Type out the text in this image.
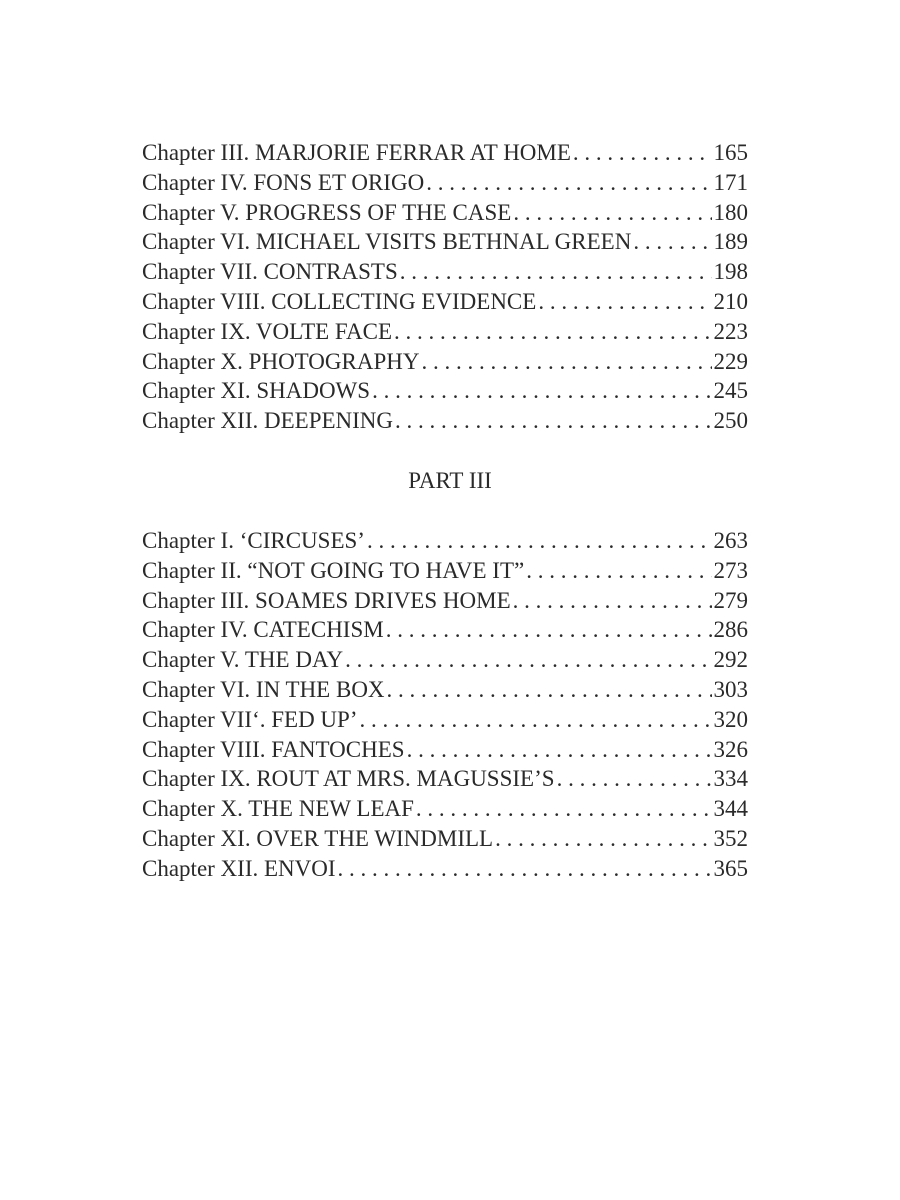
Chapter III. MARJORIE FERRAR AT HOME . . .	165
Chapter IV. FONS ET ORIGO . . .	171
Chapter V. PROGRESS OF THE CASE . . .	180
Chapter VI. MICHAEL VISITS BETHNAL GREEN . . .	189
Chapter VII. CONTRASTS . . .	198
Chapter VIII. COLLECTING EVIDENCE . . .	210
Chapter IX. VOLTE FACE . . .	223
Chapter X. PHOTOGRAPHY . . .	229
Chapter XI. SHADOWS . . .	245
Chapter XII. DEEPENING . . .	250
PART III
Chapter I. ‘CIRCUSES’ . . .	263
Chapter II. “NOT GOING TO HAVE IT” . . .	273
Chapter III. SOAMES DRIVES HOME . . .	279
Chapter IV. CATECHISM . . .	286
Chapter V. THE DAY . . .	292
Chapter VI. IN THE BOX . . .	303
Chapter VII‘. FED UP’ . . .	320
Chapter VIII. FANTOCHES . . .	326
Chapter IX. ROUT AT MRS. MAGUSSIE’S . . .	334
Chapter X. THE NEW LEAF . . .	344
Chapter XI. OVER THE WINDMILL . . .	352
Chapter XII. ENVOI . . .	365
